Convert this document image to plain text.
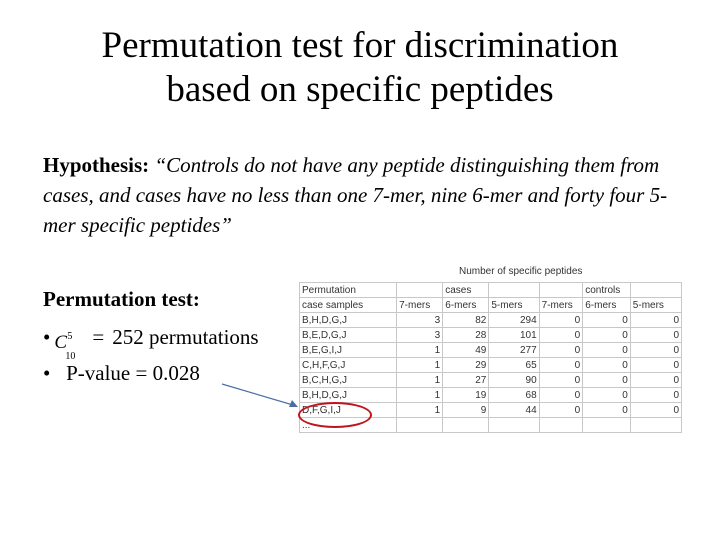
Permutation test for discrimination
based on specific peptides
Hypothesis: “Controls do not have any peptide distinguishing them from cases, and cases have no less than one 7-mer, nine 6-mer and forty four 5-mer specific peptides”
Permutation test:
• C 5
10
= 252 permutations
• P-value = 0.028
Number of specific peptides
Permutation		cases			controls	
case samples	7-mers	6-mers	5-mers	7-mers	6-mers	5-mers
B,H,D,G,J	3	82	294	0	0	0
B,E,D,G,J	3	28	101	0	0	0
B,E,G,I,J	1	49	277	0	0	0
C,H,F,G,J	1	29	65	0	0	0
B,C,H,G,J	1	27	90	0	0	0
B,H,D,G,J	1	19	68	0	0	0
D,F,G,I,J	1	9	44	0	0	0
...						
